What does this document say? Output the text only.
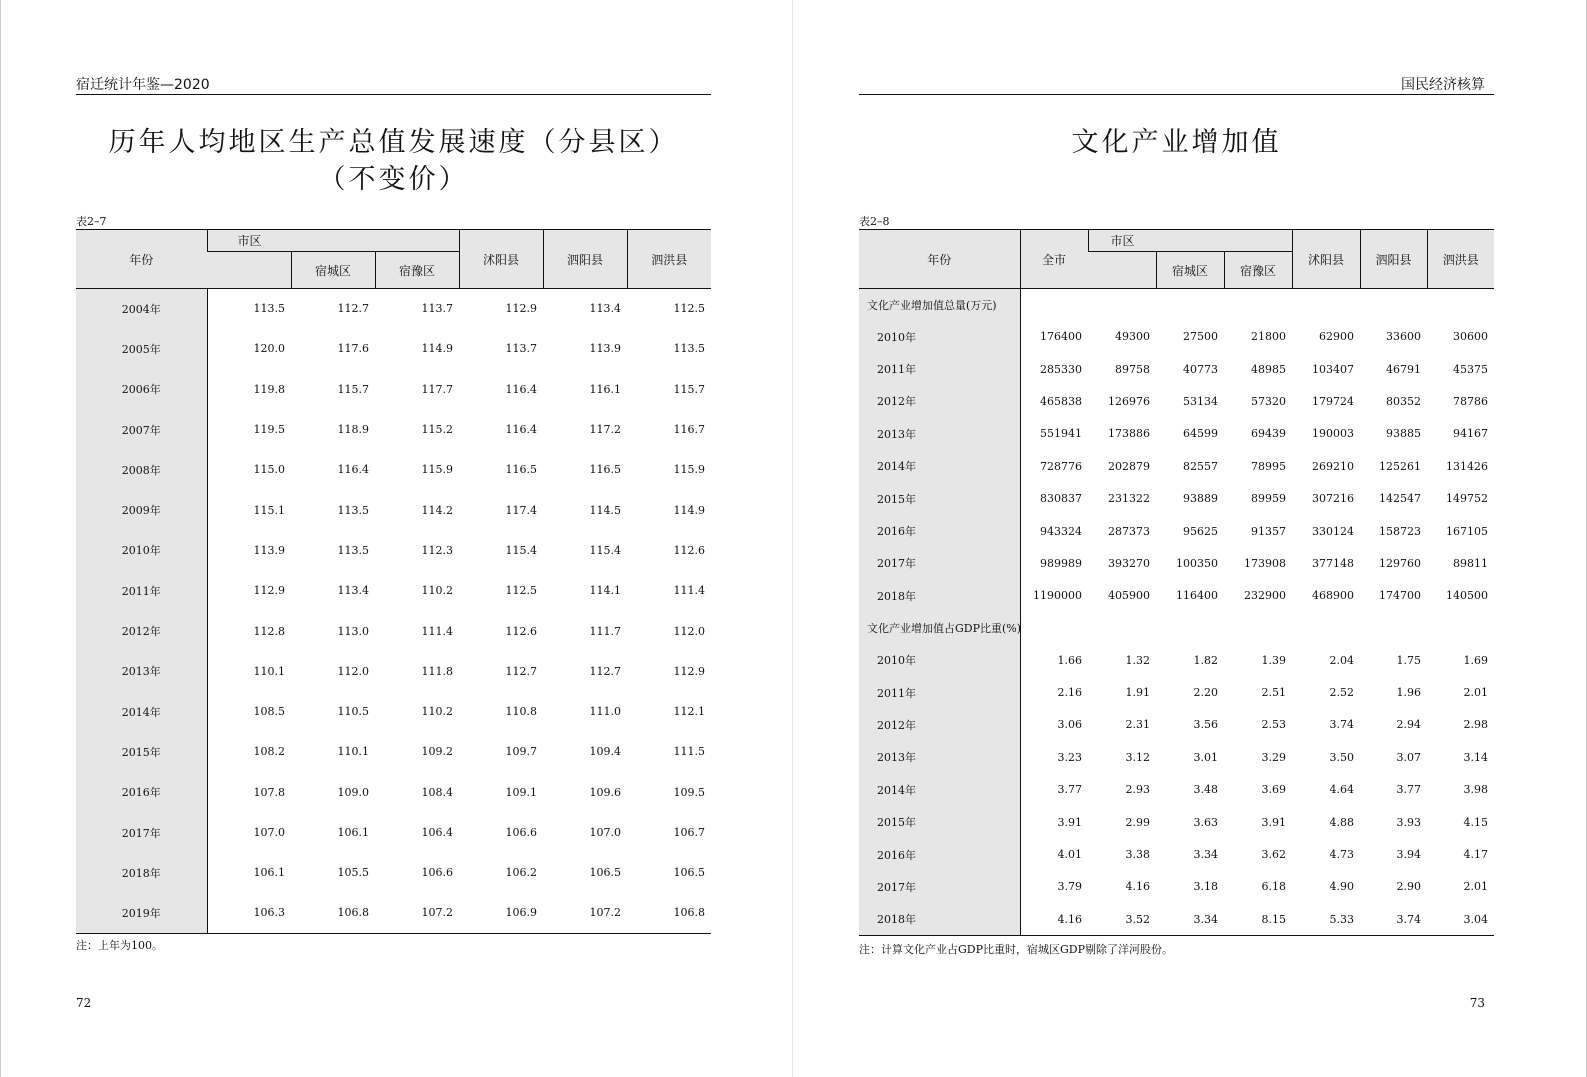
宿迁统计年鉴—2020
历年人均地区生产总值发展速度（分县区）
（不变价）
表2–7
年份	市区			沭阳县	泗阳县	泗洪县
		宿城区	宿豫区			
2004年	113.5	112.7	113.7	112.9	113.4	112.5
2005年	120.0	117.6	114.9	113.7	113.9	113.5
2006年	119.8	115.7	117.7	116.4	116.1	115.7
2007年	119.5	118.9	115.2	116.4	117.2	116.7
2008年	115.0	116.4	115.9	116.5	116.5	115.9
2009年	115.1	113.5	114.2	117.4	114.5	114.9
2010年	113.9	113.5	112.3	115.4	115.4	112.6
2011年	112.9	113.4	110.2	112.5	114.1	111.4
2012年	112.8	113.0	111.4	112.6	111.7	112.0
2013年	110.1	112.0	111.8	112.7	112.7	112.9
2014年	108.5	110.5	110.2	110.8	111.0	112.1
2015年	108.2	110.1	109.2	109.7	109.4	111.5
2016年	107.8	109.0	108.4	109.1	109.6	109.5
2017年	107.0	106.1	106.4	106.6	107.0	106.7
2018年	106.1	105.5	106.6	106.2	106.5	106.5
2019年	106.3	106.8	107.2	106.9	107.2	106.8
注：上年为100。
72
国民经济核算
文化产业增加值
表2–8
年份	全市	市区			沭阳县	泗阳县	泗洪县
			宿城区	宿豫区			
文化产业增加值总量(万元)							
2010年	176400	49300	27500	21800	62900	33600	30600
2011年	285330	89758	40773	48985	103407	46791	45375
2012年	465838	126976	53134	57320	179724	80352	78786
2013年	551941	173886	64599	69439	190003	93885	94167
2014年	728776	202879	82557	78995	269210	125261	131426
2015年	830837	231322	93889	89959	307216	142547	149752
2016年	943324	287373	95625	91357	330124	158723	167105
2017年	989989	393270	100350	173908	377148	129760	89811
2018年	1190000	405900	116400	232900	468900	174700	140500
文化产业增加值占GDP比重(%)							
2010年	1.66	1.32	1.82	1.39	2.04	1.75	1.69
2011年	2.16	1.91	2.20	2.51	2.52	1.96	2.01
2012年	3.06	2.31	3.56	2.53	3.74	2.94	2.98
2013年	3.23	3.12	3.01	3.29	3.50	3.07	3.14
2014年	3.77	2.93	3.48	3.69	4.64	3.77	3.98
2015年	3.91	2.99	3.63	3.91	4.88	3.93	4.15
2016年	4.01	3.38	3.34	3.62	4.73	3.94	4.17
2017年	3.79	4.16	3.18	6.18	4.90	2.90	2.01
2018年	4.16	3.52	3.34	8.15	5.33	3.74	3.04
注：计算文化产业占GDP比重时，宿城区GDP剔除了洋河股份。
73
